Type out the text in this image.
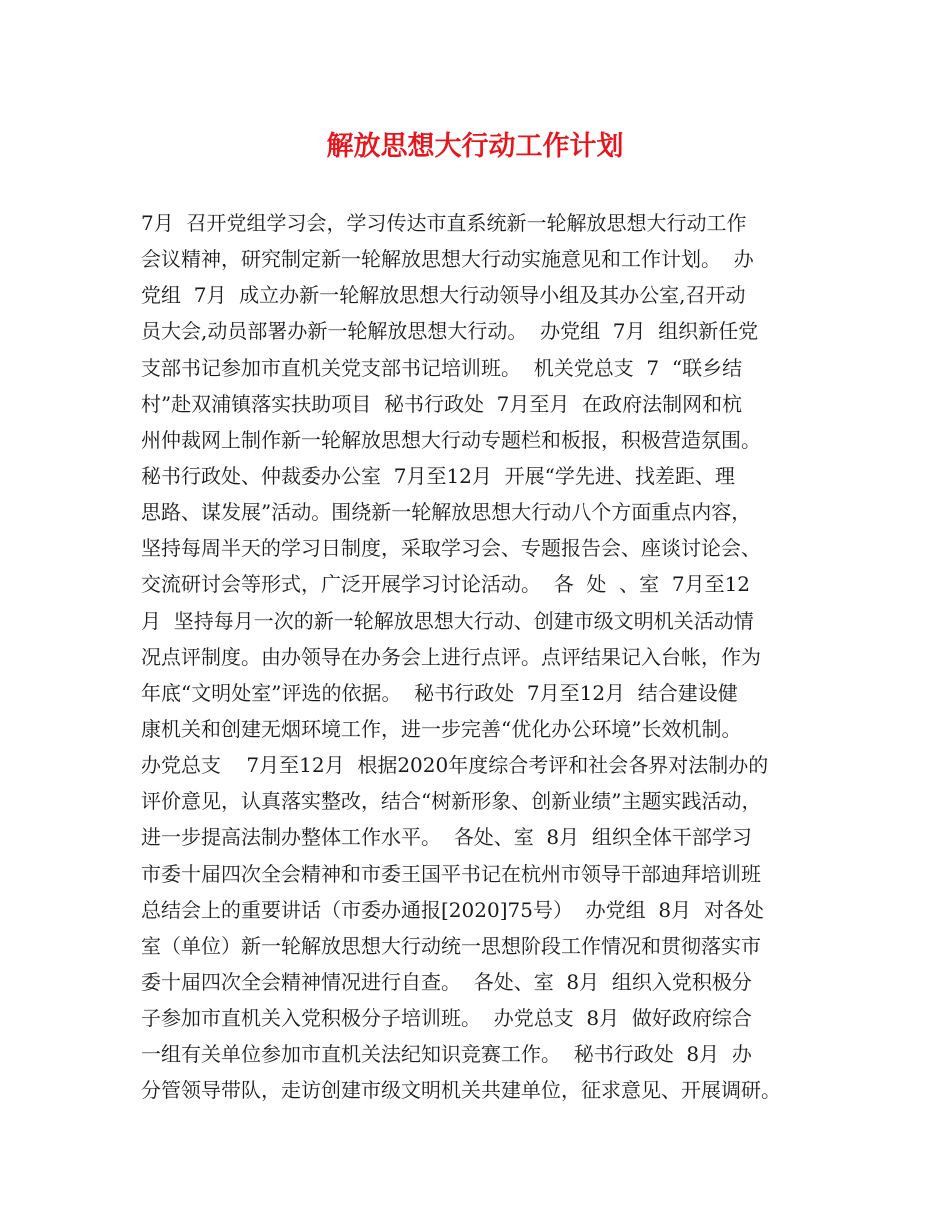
解放思想大行动工作计划
7月  召开党组学习会，学习传达市直系统新一轮解放思想大行动工作
会议精神，研究制定新一轮解放思想大行动实施意见和工作计划。  办
党组  7月  成立办新一轮解放思想大行动领导小组及其办公室,召开动
员大会,动员部署办新一轮解放思想大行动。  办党组  7月  组织新任党
支部书记参加市直机关党支部书记培训班。  机关党总支  7  “联乡结
村”赴双浦镇落实扶助项目  秘书行政处  7月至月  在政府法制网和杭
州仲裁网上制作新一轮解放思想大行动专题栏和板报，积极营造氛围。
秘书行政处、仲裁委办公室  7月至12月  开展“学先进、找差距、理
思路、谋发展”活动。围绕新一轮解放思想大行动八个方面重点内容，
坚持每周半天的学习日制度，采取学习会、专题报告会、座谈讨论会、
交流研讨会等形式，广泛开展学习讨论活动。  各  处  、室  7月至12
月  坚持每月一次的新一轮解放思想大行动、创建市级文明机关活动情
况点评制度。由办领导在办务会上进行点评。点评结果记入台帐，作为
年底“文明处室”评选的依据。  秘书行政处  7月至12月  结合建设健
康机关和创建无烟环境工作，进一步完善“优化办公环境”长效机制。
办党总支    7月至12月  根据2020年度综合考评和社会各界对法制办的
评价意见，认真落实整改，结合“树新形象、创新业绩”主题实践活动，
进一步提高法制办整体工作水平。  各处、室  8月  组织全体干部学习
市委十届四次全会精神和市委王国平书记在杭州市领导干部迪拜培训班
总结会上的重要讲话（市委办通报[2020]75号）  办党组  8月  对各处
室（单位）新一轮解放思想大行动统一思想阶段工作情况和贯彻落实市
委十届四次全会精神情况进行自查。  各处、室  8月  组织入党积极分
子参加市直机关入党积极分子培训班。  办党总支  8月  做好政府综合
一组有关单位参加市直机关法纪知识竞赛工作。  秘书行政处  8月  办
分管领导带队，走访创建市级文明机关共建单位，征求意见、开展调研。
